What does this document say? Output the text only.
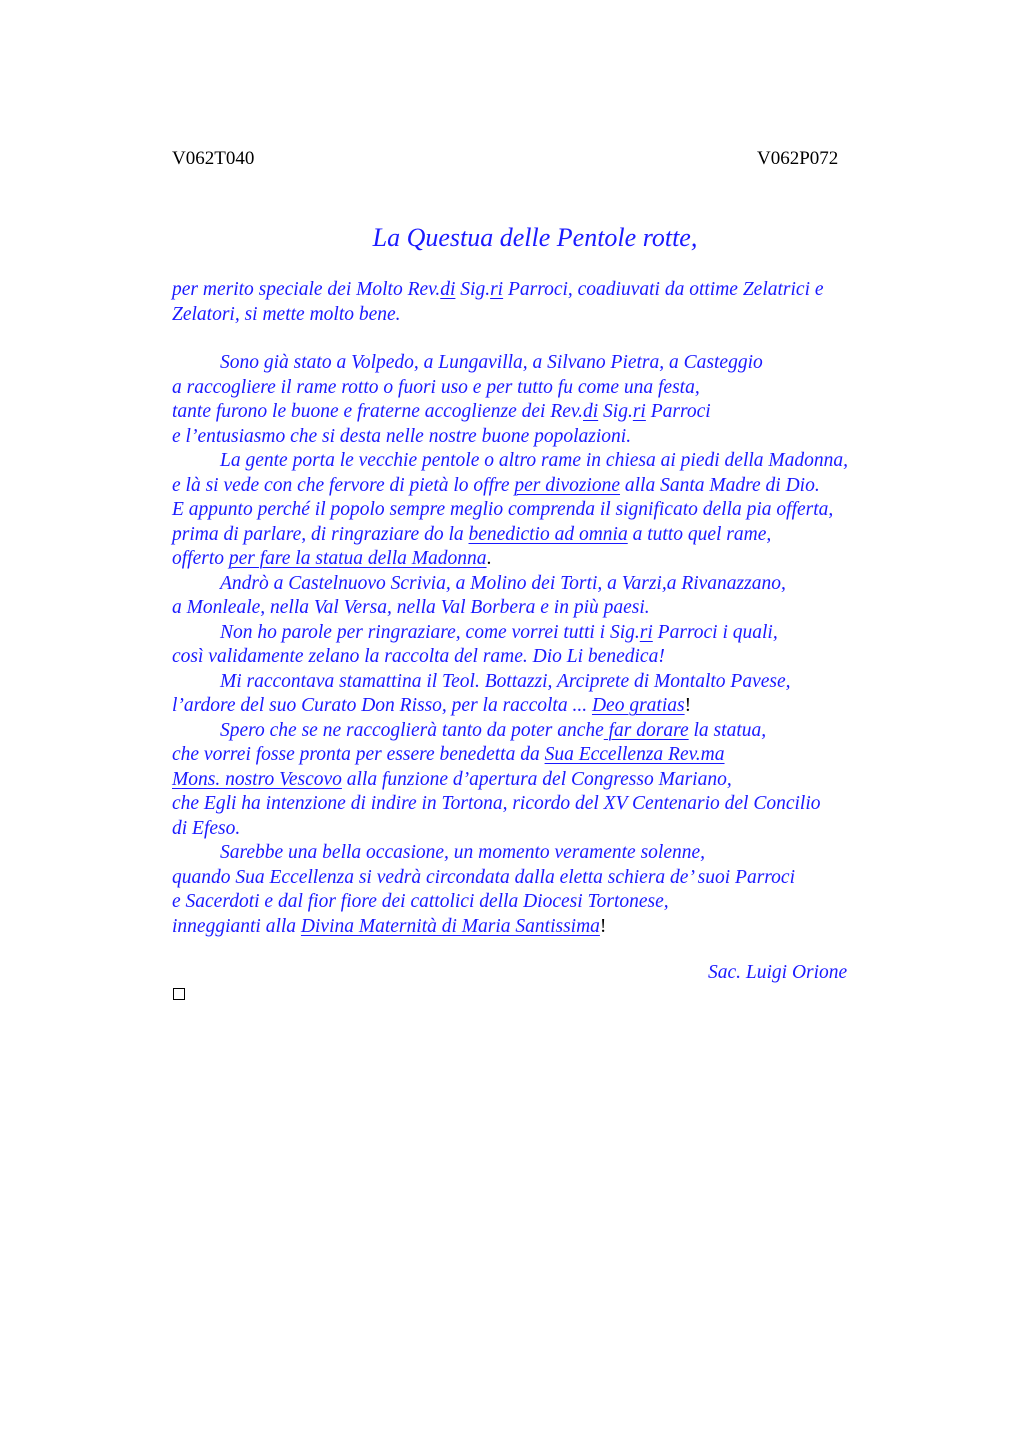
V062T040	V062P072
La Questua delle Pentole rotte,
per merito speciale dei Molto Rev.di Sig.ri Parroci, coadiuvati da ottime Zelatrici e
Zelatori, si mette molto bene.
Sono già stato a Volpedo, a Lungavilla, a Silvano Pietra, a Casteggio
a raccogliere il rame rotto o fuori uso e per tutto fu come una festa,
tante furono le buone e fraterne accoglienze dei Rev.di Sig.ri Parroci
e l’entusiasmo che si desta nelle nostre buone popolazioni.
La gente porta le vecchie pentole o altro rame in chiesa ai piedi della Madonna,
e là si vede con che fervore di pietà lo offre per divozione alla Santa Madre di Dio.
E appunto perché il popolo sempre meglio comprenda il significato della pia offerta,
prima di parlare, di ringraziare do la benedictio ad omnia a tutto quel rame,
offerto per fare la statua della Madonna.
Andrò a Castelnuovo Scrivia, a Molino dei Torti, a Varzi,a Rivanazzano,
a Monleale, nella Val Versa, nella Val Borbera e in più paesi.
Non ho parole per ringraziare, come vorrei tutti i Sig.ri Parroci i quali,
così validamente zelano la raccolta del rame. Dio Li benedica!
Mi raccontava stamattina il Teol. Bottazzi, Arciprete di Montalto Pavese,
l’ardore del suo Curato Don Risso, per la raccolta ... Deo gratias!
Spero che se ne raccoglierà tanto da poter anche far dorare la statua,
che vorrei fosse pronta per essere benedetta da Sua Eccellenza Rev.ma
Mons. nostro Vescovo alla funzione d’apertura del Congresso Mariano,
che Egli ha intenzione di indire in Tortona, ricordo del XV Centenario del Concilio
di Efeso.
Sarebbe una bella occasione, un momento veramente solenne,
quando Sua Eccellenza si vedrà circondata dalla eletta schiera de’ suoi Parroci
e Sacerdoti e dal fior fiore dei cattolici della Diocesi Tortonese,
inneggianti alla Divina Maternità di Maria Santissima!
Sac. Luigi Orione
